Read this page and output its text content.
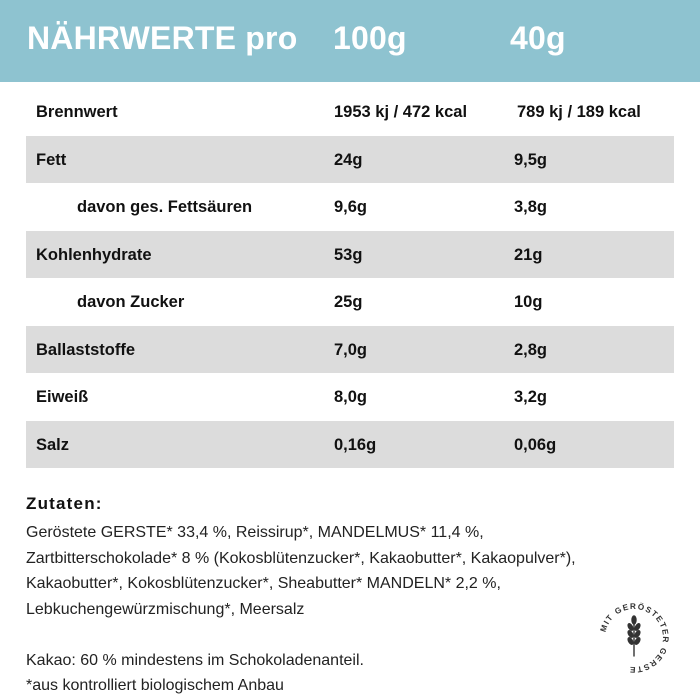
NÄHRWERTE pro 100g	40g
Brennwert	1953 kj / 472 kcal	789 kj / 189 kcal
Fett	24g	9,5g
davon ges. Fettsäuren	9,6g	3,8g
Kohlenhydrate	53g	21g
davon Zucker	25g	10g
Ballaststoffe	7,0g	2,8g
Eiweiß	8,0g	3,2g
Salz	0,16g	0,06g
Zutaten:
Geröstete GERSTE* 33,4 %, Reissirup*, MANDELMUS* 11,4 %,
Zartbitterschokolade* 8 % (Kokosblütenzucker*, Kakaobutter*, Kakaopulver*),
Kakaobutter*, Kokosblütenzucker*, Sheabutter* MANDELN* 2,2 %,
Lebkuchengewürzmischung*, Meersalz
Kakao: 60 % mindestens im Schokoladenanteil.
*aus kontrolliert biologischem Anbau
MIT GERÖSTETER GERSTE
